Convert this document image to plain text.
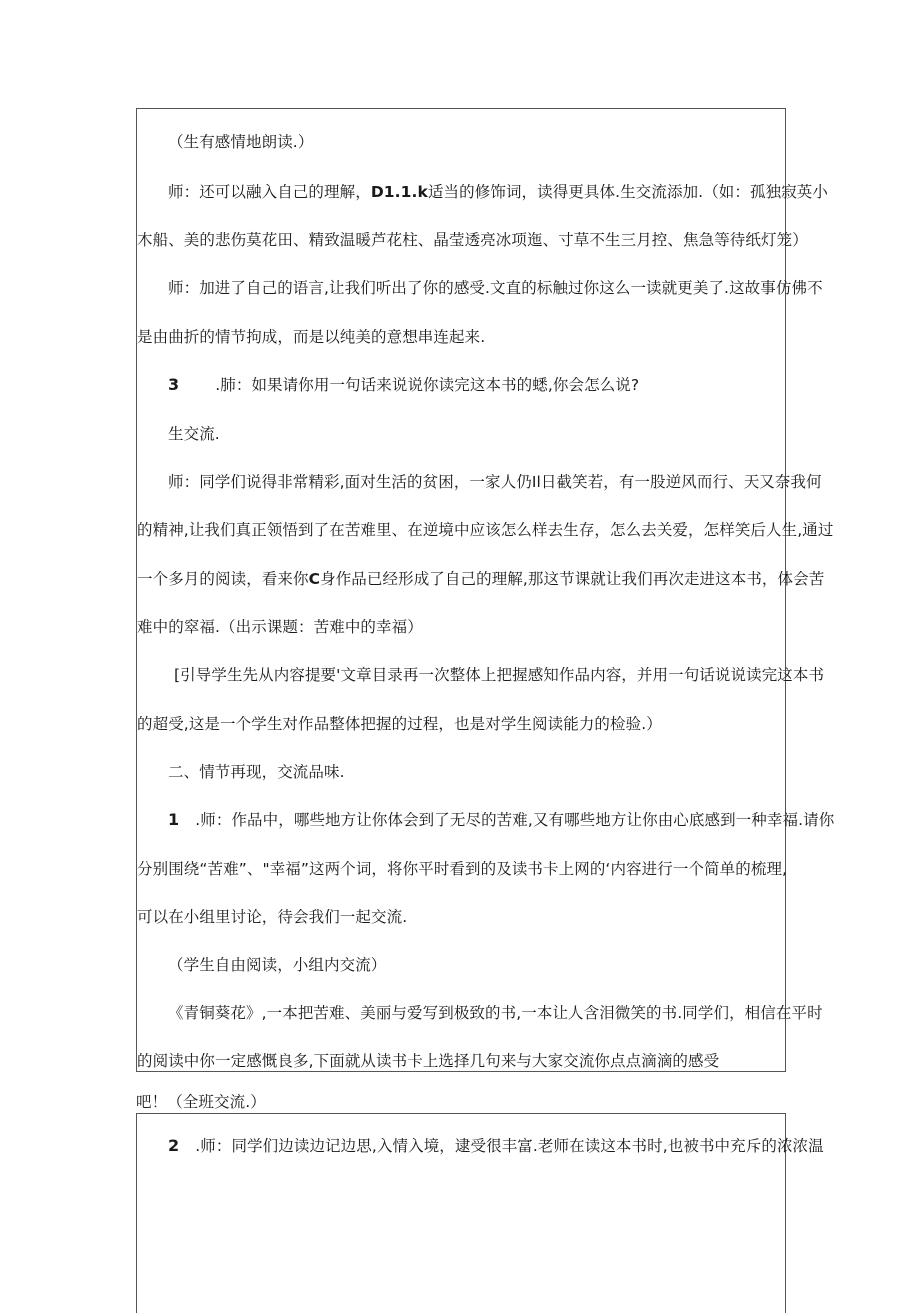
（生有感情地朗读.）
师：还可以融入自己的理解，D1.1.k适当的修饰词，读得更具体.生交流添加.（如：孤独寂英小
木船、美的悲伤莫花田、精致温暖芦花柱、晶莹透亮冰项迤、寸草不生三月控、焦急等待纸灯笼）
师：加进了自己的语言,让我们听出了你的感受.文直的标触过你这么一读就更美了.这故事仿佛不
是由曲折的情节拘成，而是以纯美的意想串连起来.
3 .肺：如果请你用一句话来说说你读完这本书的蟋,你会怎么说?
生交流.
师：同学们说得非常精彩,面对生活的贫困，一家人仍Il日截笑若，有一股逆风而行、天又奈我何
的精神,让我们真正领悟到了在苦难里、在逆境中应该怎么样去生存，怎么去关爱，怎样笑后人生,通过
一个多月的阅读，看来你C身作品已经形成了自己的理解,那这节课就让我们再次走进这本书，体会苦
难中的窣福.（出示课题：苦难中的幸福）
[引导学生先从内容提要'文章目录再一次整体上把握感知作品内容，并用一句话说说读完这本书
的超受,这是一个学生对作品整体把握的过程，也是对学生阅读能力的检验.）
二、情节再现，交流品味.
1 .师：作品中，哪些地方让你体会到了无尽的苦难,又有哪些地方让你由心底感到一种幸福.请你
分别围绕“苦难”、"幸福”这两个词，将你平时看到的及读书卡上网的‘内容进行一个简单的梳理,
可以在小组里讨论，待会我们一起交流.
（学生自由阅读，小组内交流）
《青铜葵花》,一本把苦难、美丽与爱写到极致的书,一本让人含泪微笑的书.同学们，相信在平时
的阅读中你一定感慨良多,下面就从读书卡上选择几句来与大家交流你点点滴滴的感受
吧！（全班交流.）
2 .师：同学们边读边记边思,入情入境，逮受很丰富.老师在读这本书时,也被书中充斥的浓浓温
